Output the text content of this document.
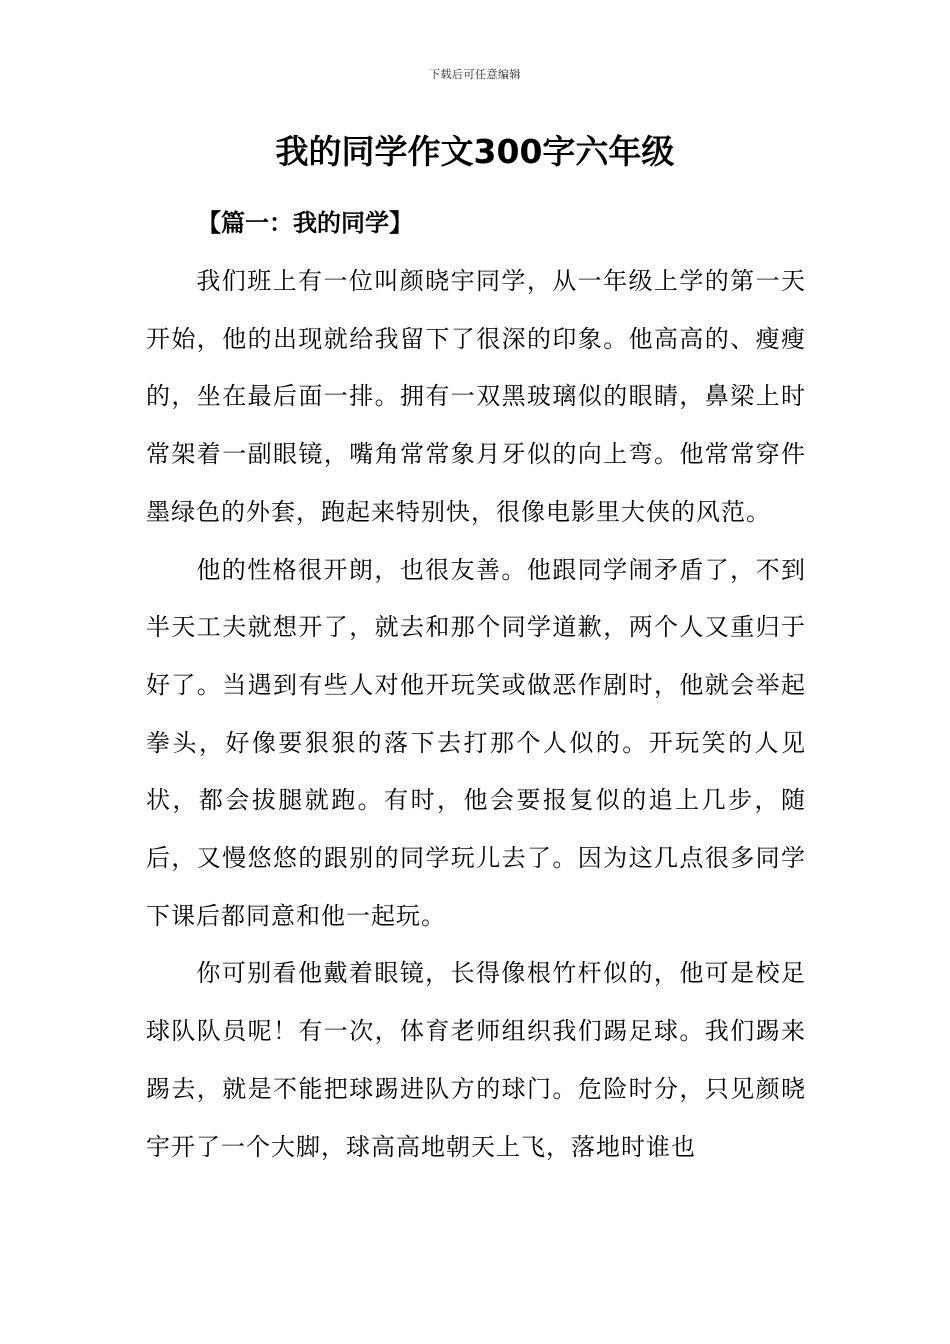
下载后可任意编辑
我的同学作文300字六年级
【篇一：我的同学】

我们班上有一位叫颜晓宇同学，从一年级上学的第一天开始，他的出现就给我留下了很深的印象。他高高的、瘦瘦的，坐在最后面一排。拥有一双黑玻璃似的眼睛，鼻梁上时常架着一副眼镜，嘴角常常象月牙似的向上弯。他常常穿件墨绿色的外套，跑起来特别快，很像电影里大侠的风范。

他的性格很开朗，也很友善。他跟同学闹矛盾了，不到半天工夫就想开了，就去和那个同学道歉，两个人又重归于好了。当遇到有些人对他开玩笑或做恶作剧时，他就会举起拳头，好像要狠狠的落下去打那个人似的。开玩笑的人见状，都会拔腿就跑。有时，他会要报复似的追上几步，随后，又慢悠悠的跟别的同学玩儿去了。因为这几点很多同学下课后都同意和他一起玩。

你可别看他戴着眼镜，长得像根竹杆似的，他可是校足球队队员呢！有一次，体育老师组织我们踢足球。我们踢来踢去，就是不能把球踢进队方的球门。危险时分，只见颜晓宇开了一个大脚，球高高地朝天上飞，落地时谁也
